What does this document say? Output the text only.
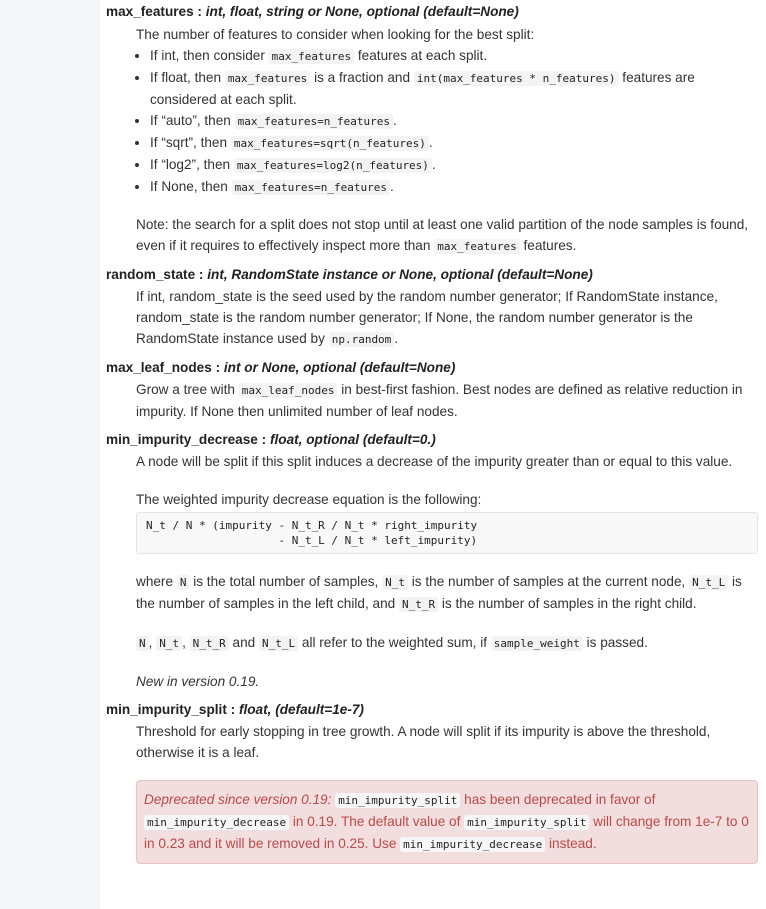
max_features : int, float, string or None, optional (default=None)

The number of features to consider when looking for the best split:

• If int, then consider max_features features at each split.
• If float, then max_features is a fraction and int(max_features * n_features) features are considered at each split.
• If “auto”, then max_features=n_features .
• If “sqrt”, then max_features=sqrt(n_features) .
• If “log2”, then max_features=log2(n_features) .
• If None, then max_features=n_features .

Note: the search for a split does not stop until at least one valid partition of the node samples is found, even if it requires to effectively inspect more than max_features features.

random_state : int, RandomState instance or None, optional (default=None)

If int, random_state is the seed used by the random number generator; If RandomState instance, random_state is the random number generator; If None, the random number generator is the RandomState instance used by np.random .

max_leaf_nodes : int or None, optional (default=None)

Grow a tree with max_leaf_nodes in best-first fashion. Best nodes are defined as relative reduction in impurity. If None then unlimited number of leaf nodes.

min_impurity_decrease : float, optional (default=0.)

A node will be split if this split induces a decrease of the impurity greater than or equal to this value.

The weighted impurity decrease equation is the following:

N_t / N * (impurity - N_t_R / N_t * right_impurity
- N_t_L / N_t * left_impurity)

where N is the total number of samples, N_t is the number of samples at the current node, N_t_L is the number of samples in the left child, and N_t_R is the number of samples in the right child.

N , N_t , N_t_R and N_t_L all refer to the weighted sum, if sample_weight is passed.

New in version 0.19.

min_impurity_split : float, (default=1e-7)

Threshold for early stopping in tree growth. A node will split if its impurity is above the threshold, otherwise it is a leaf.

Deprecated since version 0.19: min_impurity_split has been deprecated in favor of min_impurity_decrease in 0.19. The default value of min_impurity_split will change from 1e-7 to 0 in 0.23 and it will be removed in 0.25. Use min_impurity_decrease instead.
